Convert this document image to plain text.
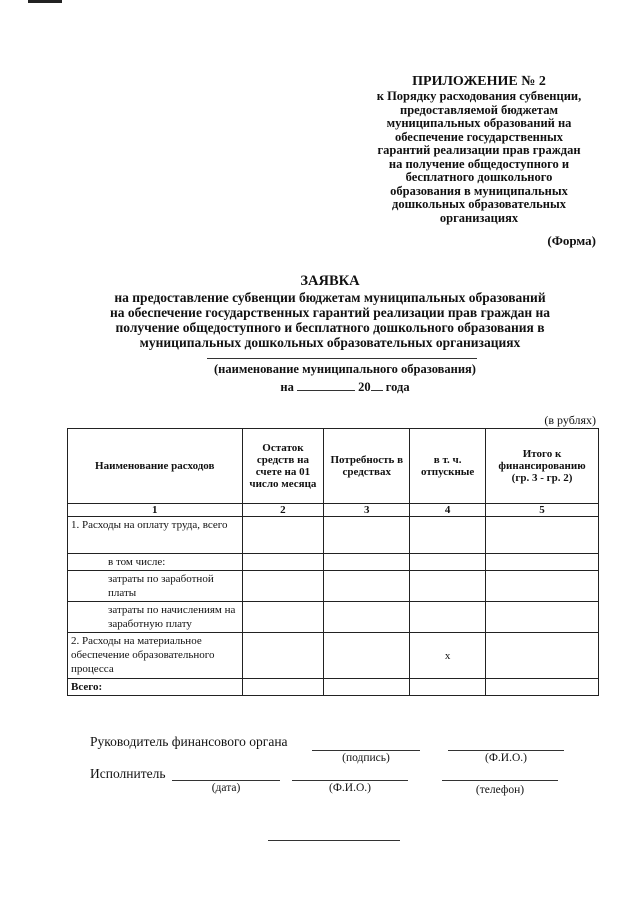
ПРИЛОЖЕНИЕ № 2
к Порядку расходования субвенции,
предоставляемой бюджетам
муниципальных образований на
обеспечение государственных
гарантий реализации прав граждан
на получение общедоступного и
бесплатного дошкольного
образования в муниципальных
дошкольных образовательных
организациях
(Форма)
ЗАЯВКА
на предоставление субвенции бюджетам муниципальных образований
на обеспечение государственных гарантий реализации прав граждан на
получение общедоступного и бесплатного дошкольного образования в
муниципальных дошкольных образовательных организациях
(наименование муниципального образования)
на	20 года
(в рублях)
Наименование расходов	Остаток средств на счете на 01 число месяца	Потребность в средствах	в т. ч. отпускные	Итого к финансированию (гр. 3 - гр. 2)
1	2	3	4	5
1. Расходы на оплату труда, всего				
в том числе:				
затраты по заработной платы				
затраты по начислениям на заработную плату				
2. Расходы на материальное обеспечение образовательного процесса			х	
Всего:				
Руководитель финансового органа
(подпись)	(Ф.И.О.)
Исполнитель
(дата)	(Ф.И.О.)	(телефон)
